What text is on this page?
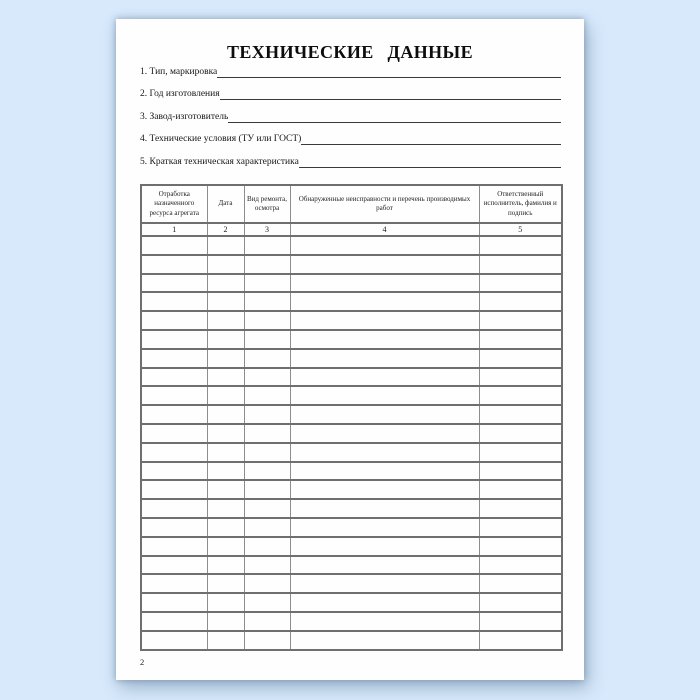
ТЕХНИЧЕСКИЕ ДАННЫЕ
1. Тип, маркировка
2. Год изготовления
3. Завод-изготовитель
4. Технические условия (ТУ или ГОСТ)
5. Краткая техническая характеристика
Отработка назначенного ресурса агрегата	Дата	Вид ремонта, осмотра	Обнаруженные неисправности и перечень производимых работ	Ответственный исполнитель, фамилия и подпись
1	2	3	4	5

2
